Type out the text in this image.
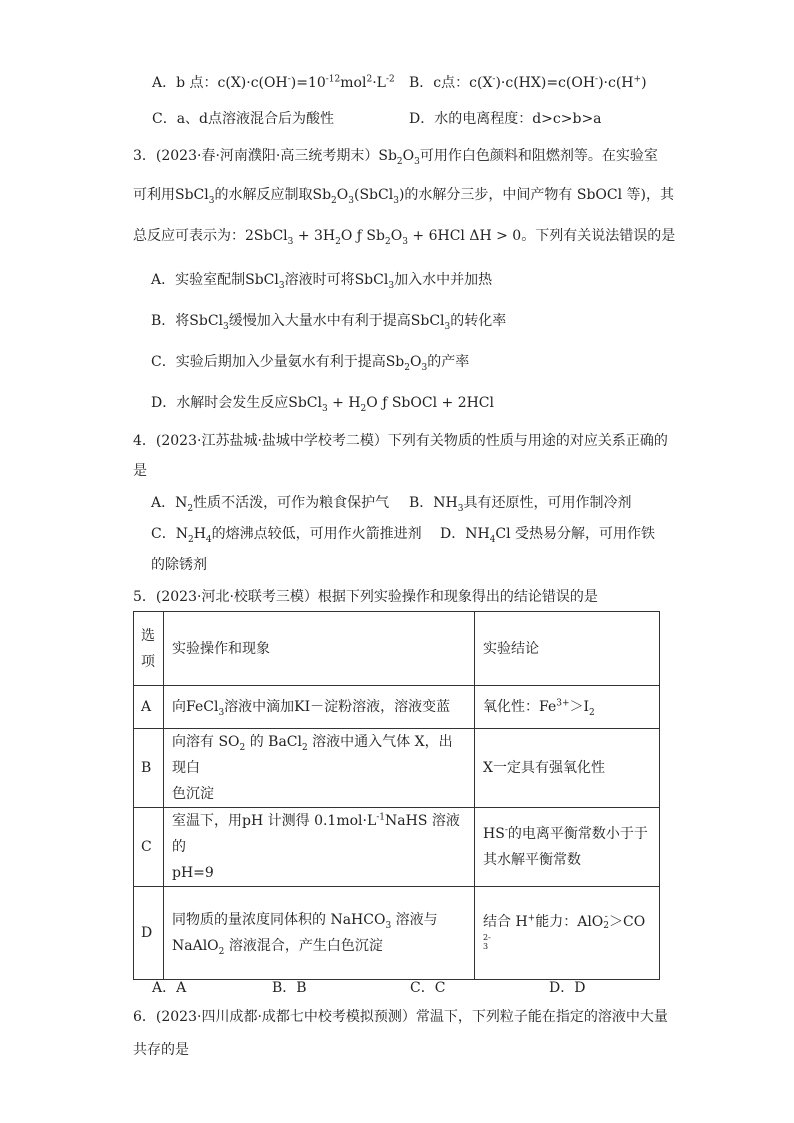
A．b 点：$c(X)\cdot c(OH^-)=10^{-12}mol^2\cdot L^{-2}$ B．c点：c(X-)·c(HX)=c(OH-)·c(H+)
C．a、d点溶液混合后为酸性	D．水的电离程度：d>c>b>a
3．(2023·春·河南濮阳·高三统考期末）$Sb_2O_3$可用作白色颜料和阻燃剂等。在实验室
可利用SbCl$_3$的水解反应制取$Sb_2O_3(SbCl_3)$的水解分三步，中间产物有 SbOCl 等)，其
总反应可表示为：2SbCl$_3$ + $3H_2O$ ƒ $Sb_2O_3 + 6HCl$ ΔH > 0。下列有关说法错误的是
A．实验室配制SbCl$_3$溶液时可将SbCl$_3$加入水中并加热
B．将SbCl$_3$缓慢加入大量水中有利于提高SbCl$_3$的转化率
C．实验后期加入少量氨水有利于提高$Sb_2O_3$的产率
D．水解时会发生反应SbCl$_3$ + $H_2O$ ƒ SbOCl + 2HCl
4．(2023·江苏盐城·盐城中学校考二模）下列有关物质的性质与用途的对应关系正确的
是
A．$N_2$性质不活泼，可作为粮食保护气 B．$NH_3$具有还原性，可用作制冷剂
C．$N_2H_4$的熔沸点较低，可用作火箭推进剂 D．$NH_4Cl$ 受热易分解，可用作铁
的除锈剂
5．(2023·河北·校联考三模）根据下列实验操作和现象得出的结论错误的是
选
项	实验操作和现象	实验结论
A	向FeCl$_3$溶液中滴加KI－淀粉溶液，溶液变蓝	氧化性：$Fe^{3+}>I_2$
B	向溶有 $SO_2$ 的 BaCl$_2$ 溶液中通入气体 X，出现白
色沉淀	X一定具有强氧化性
C	室温下，用pH 计测得 $0.1mol\cdot L^{-1}NaHS$ 溶液的
pH=9	HS-的电离平衡常数小于于
其水解平衡常数
D	同物质的量浓度同体积的 NaHCO$_3$ 溶液与
NaAlO$_2$ 溶液混合，产生白色沉淀	结合 H+能力：AlO-
2＞CO
2-
3
A．A	B．B	C．C	D．D
6．(2023·四川成都·成都七中校考模拟预测）常温下，下列粒子能在指定的溶液中大量
共存的是
